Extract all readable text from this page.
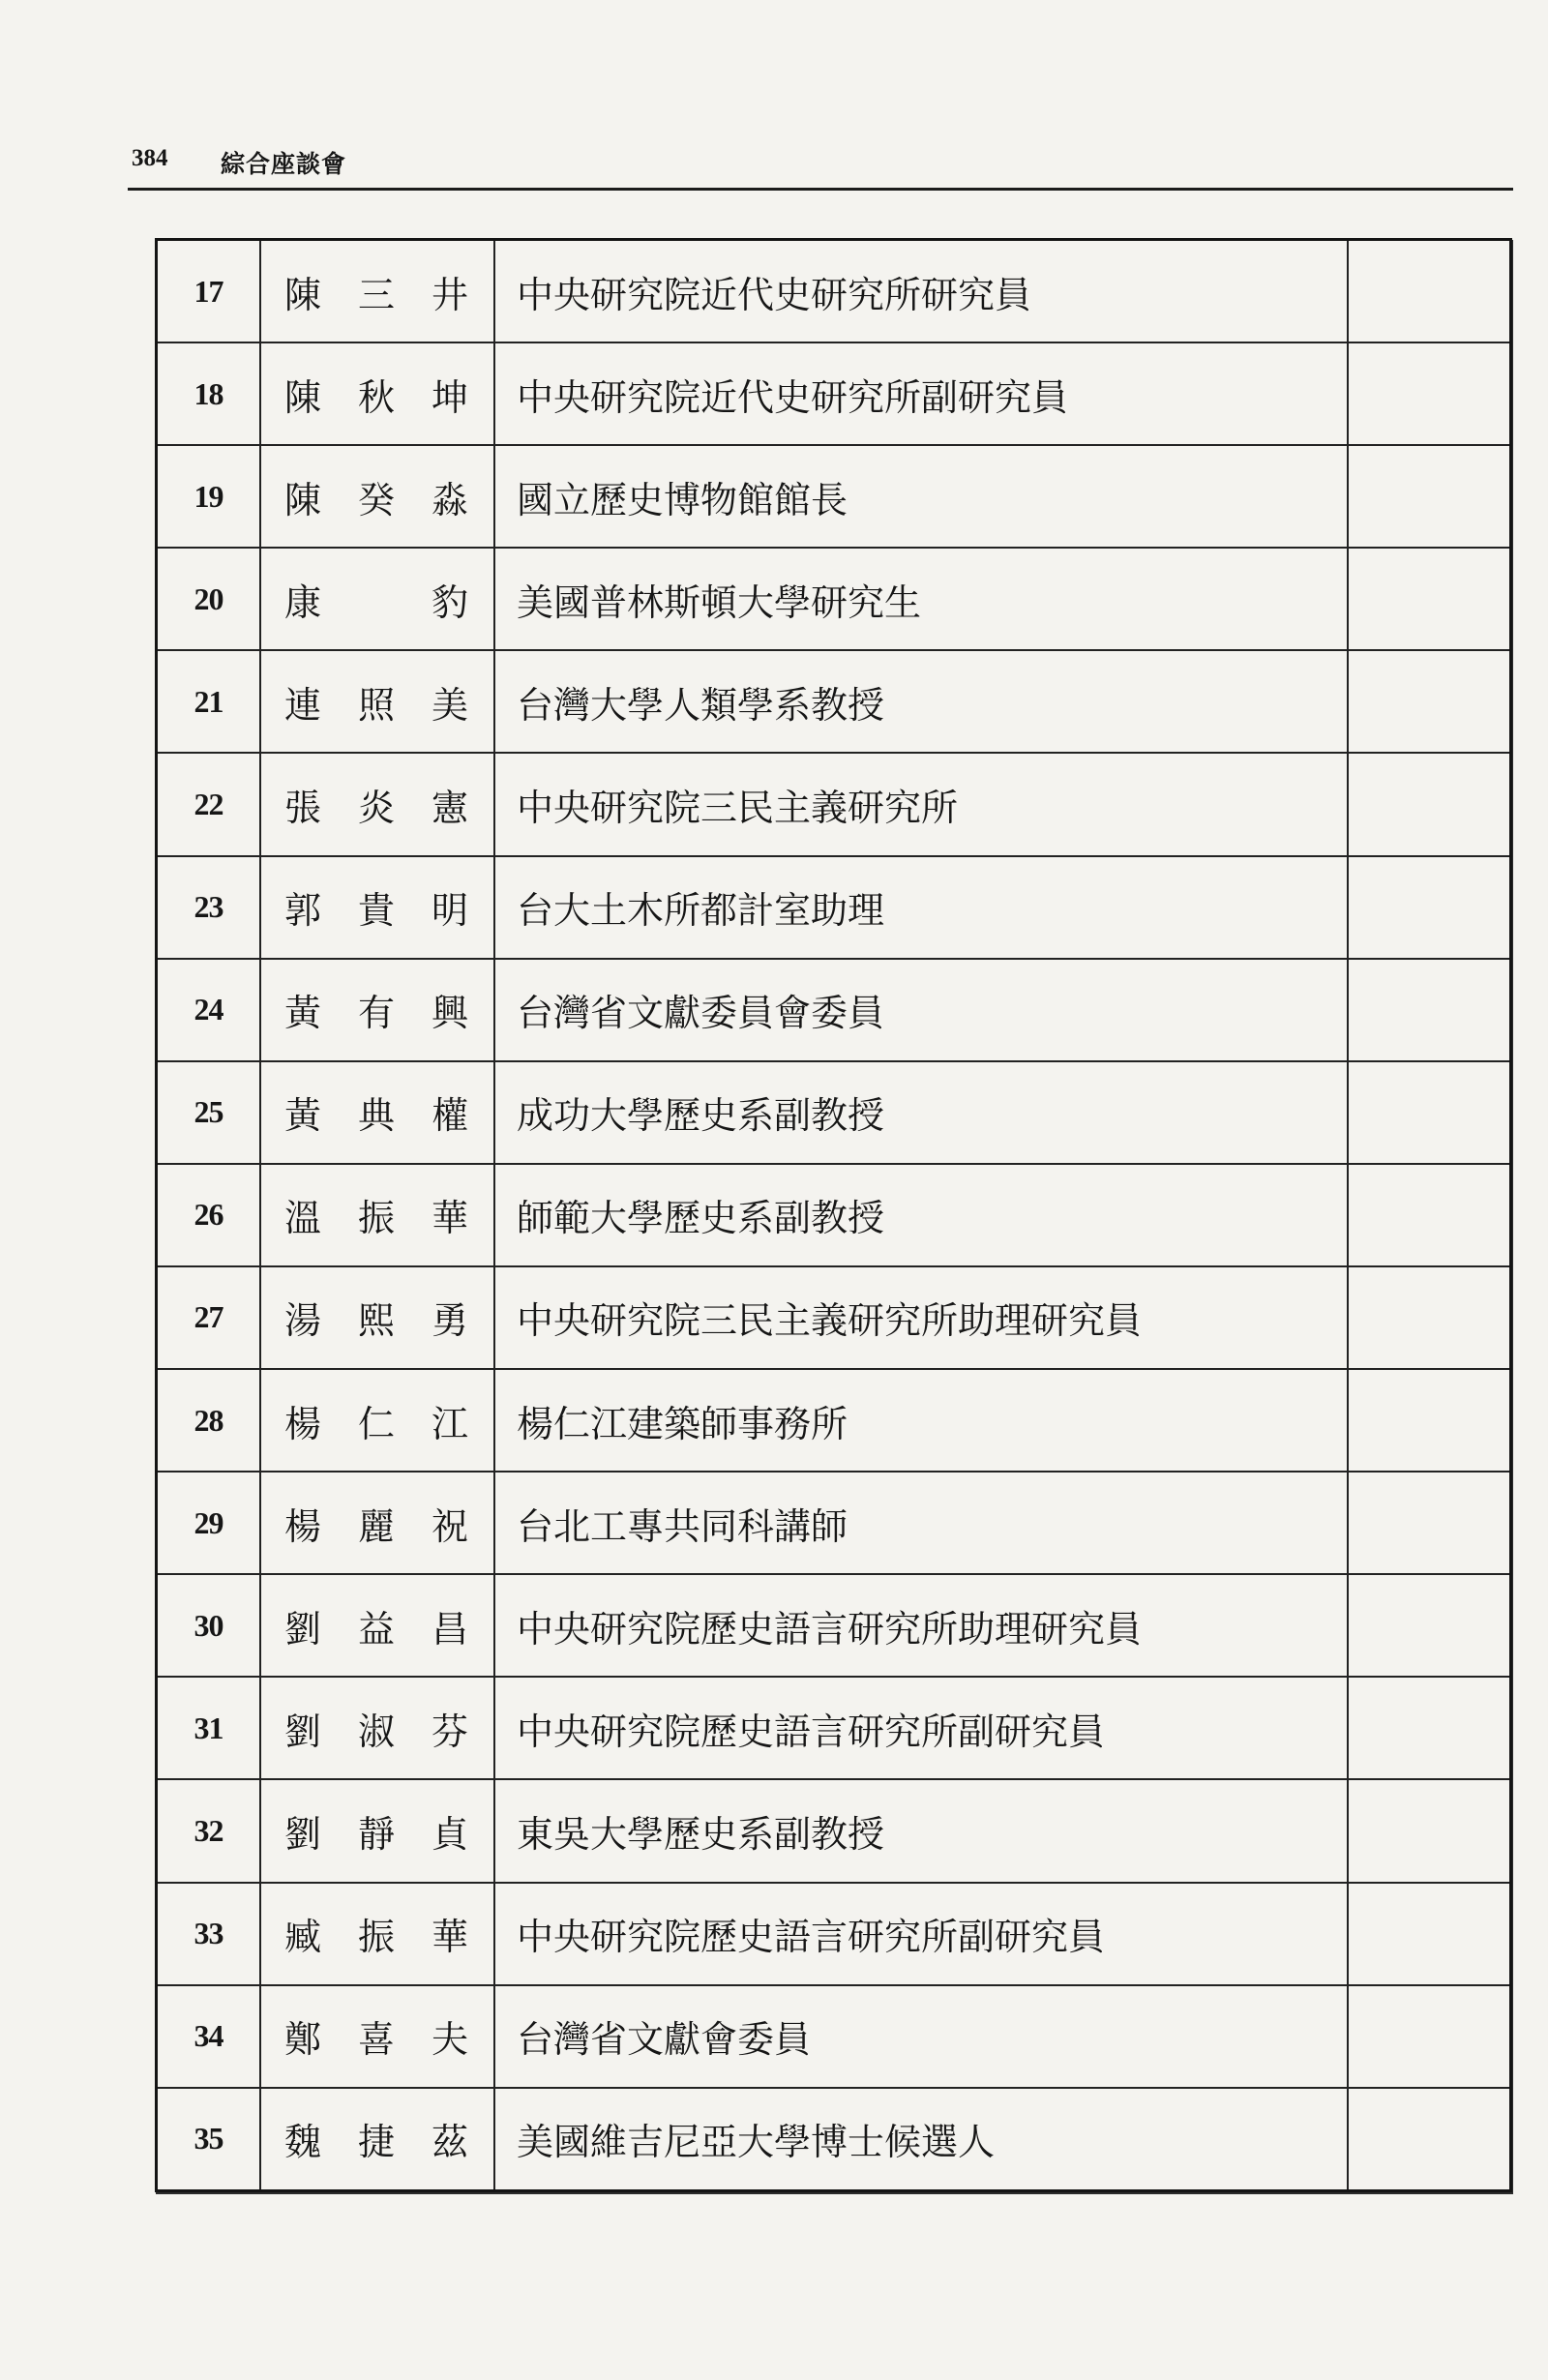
384 綜合座談會
17	陳 三 井	中央研究院近代史研究所研究員	
18	陳 秋 坤	中央研究院近代史研究所副研究員	
19	陳 癸 淼	國立歷史博物館館長	
20	康 豹	美國普林斯頓大學研究生	
21	連 照 美	台灣大學人類學系教授	
22	張 炎 憲	中央研究院三民主義研究所	
23	郭 貴 明	台大土木所都計室助理	
24	黃 有 興	台灣省文獻委員會委員	
25	黃 典 權	成功大學歷史系副教授	
26	溫 振 華	師範大學歷史系副教授	
27	湯 熙 勇	中央研究院三民主義研究所助理研究員	
28	楊 仁 江	楊仁江建築師事務所	
29	楊 麗 祝	台北工專共同科講師	
30	劉 益 昌	中央研究院歷史語言研究所助理研究員	
31	劉 淑 芬	中央研究院歷史語言研究所副研究員	
32	劉 靜 貞	東吳大學歷史系副教授	
33	臧 振 華	中央研究院歷史語言研究所副研究員	
34	鄭 喜 夫	台灣省文獻會委員	
35	魏 捷 茲	美國維吉尼亞大學博士候選人	
